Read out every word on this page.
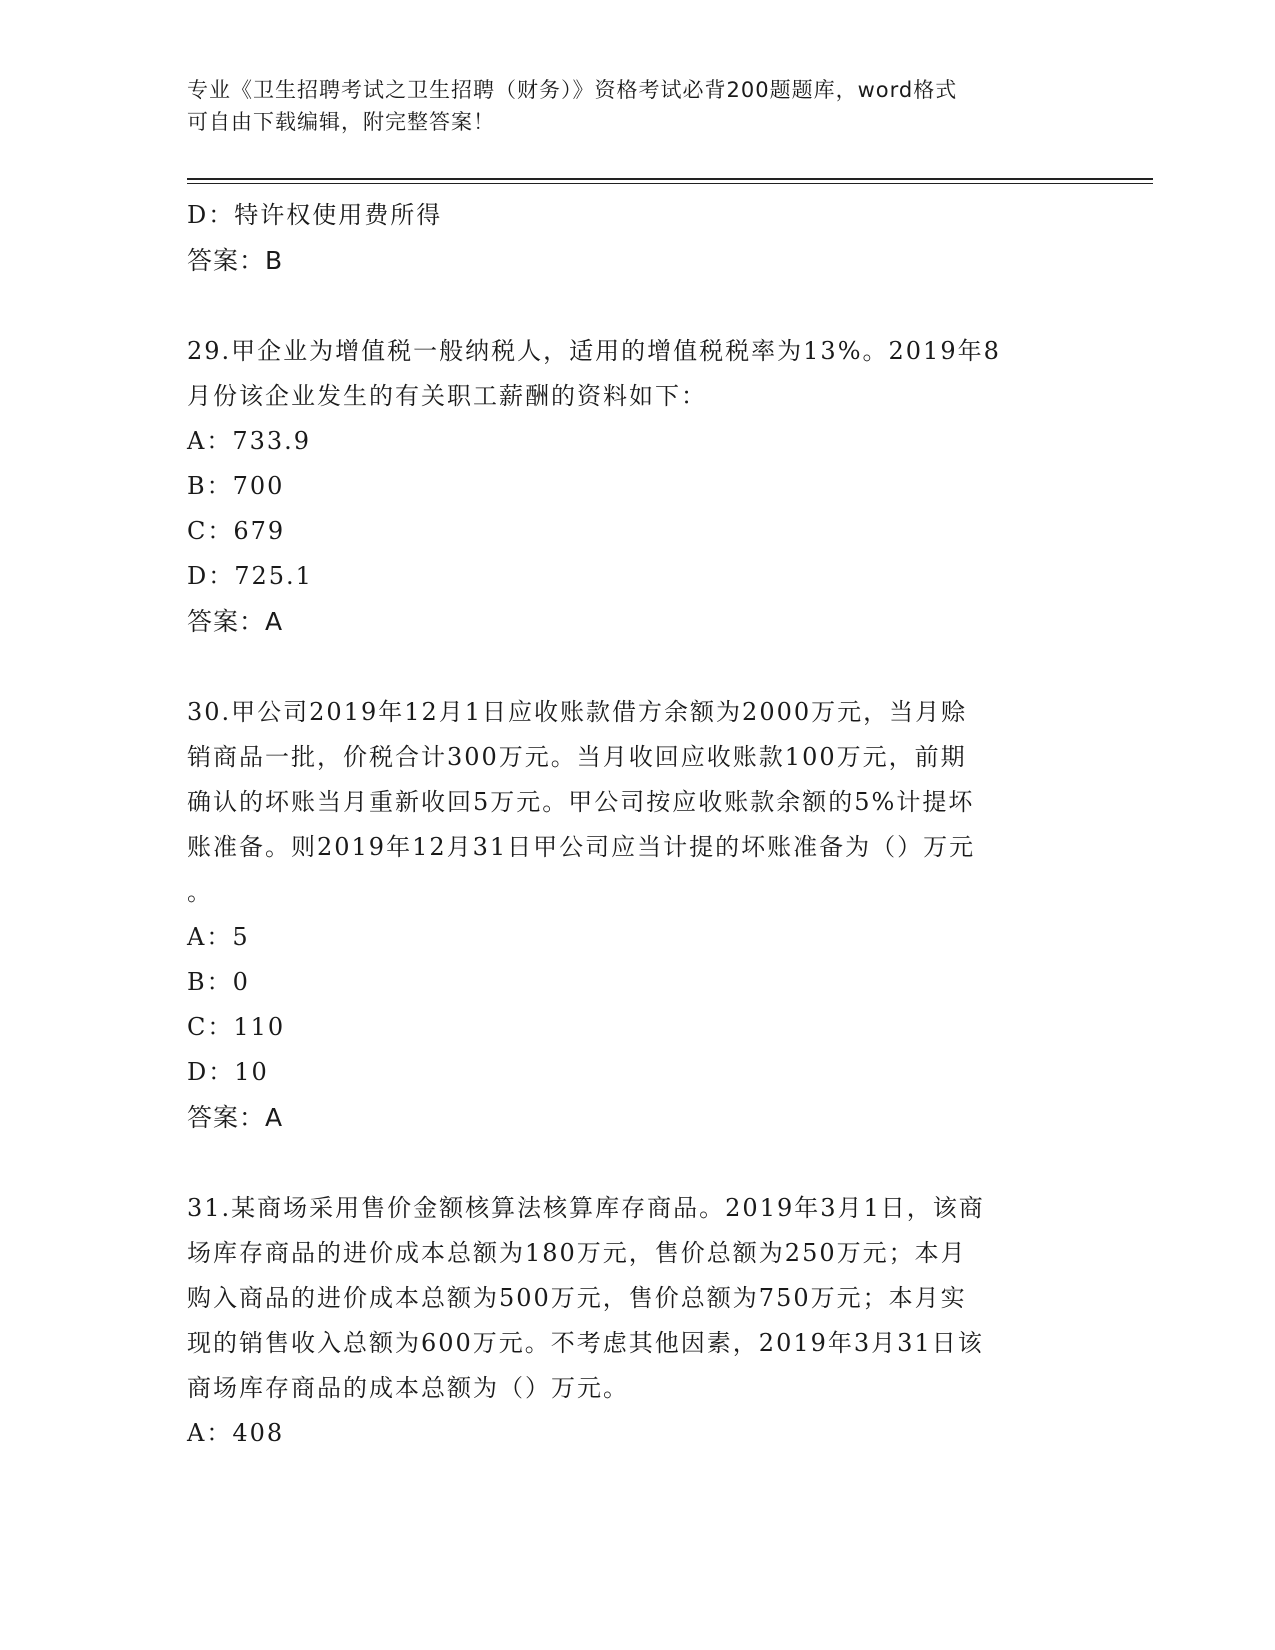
专业《卫生招聘考试之卫生招聘（财务）》资格考试必背200题题库，word格式
可自由下载编辑，附完整答案！
D：特许权使用费所得
答案：B
29.甲企业为增值税一般纳税人，适用的增值税税率为13%。2019年8
月份该企业发生的有关职工薪酬的资料如下：
A：733.9
B：700
C：679
D：725.1
答案：A
30.甲公司2019年12月1日应收账款借方余额为2000万元，当月赊
销商品一批，价税合计300万元。当月收回应收账款100万元，前期
确认的坏账当月重新收回5万元。甲公司按应收账款余额的5%计提坏
账准备。则2019年12月31日甲公司应当计提的坏账准备为（）万元
。
A：5
B：0
C：110
D：10
答案：A
31.某商场采用售价金额核算法核算库存商品。2019年3月1日，该商
场库存商品的进价成本总额为180万元，售价总额为250万元；本月
购入商品的进价成本总额为500万元，售价总额为750万元；本月实
现的销售收入总额为600万元。不考虑其他因素，2019年3月31日该
商场库存商品的成本总额为（）万元。
A：408
